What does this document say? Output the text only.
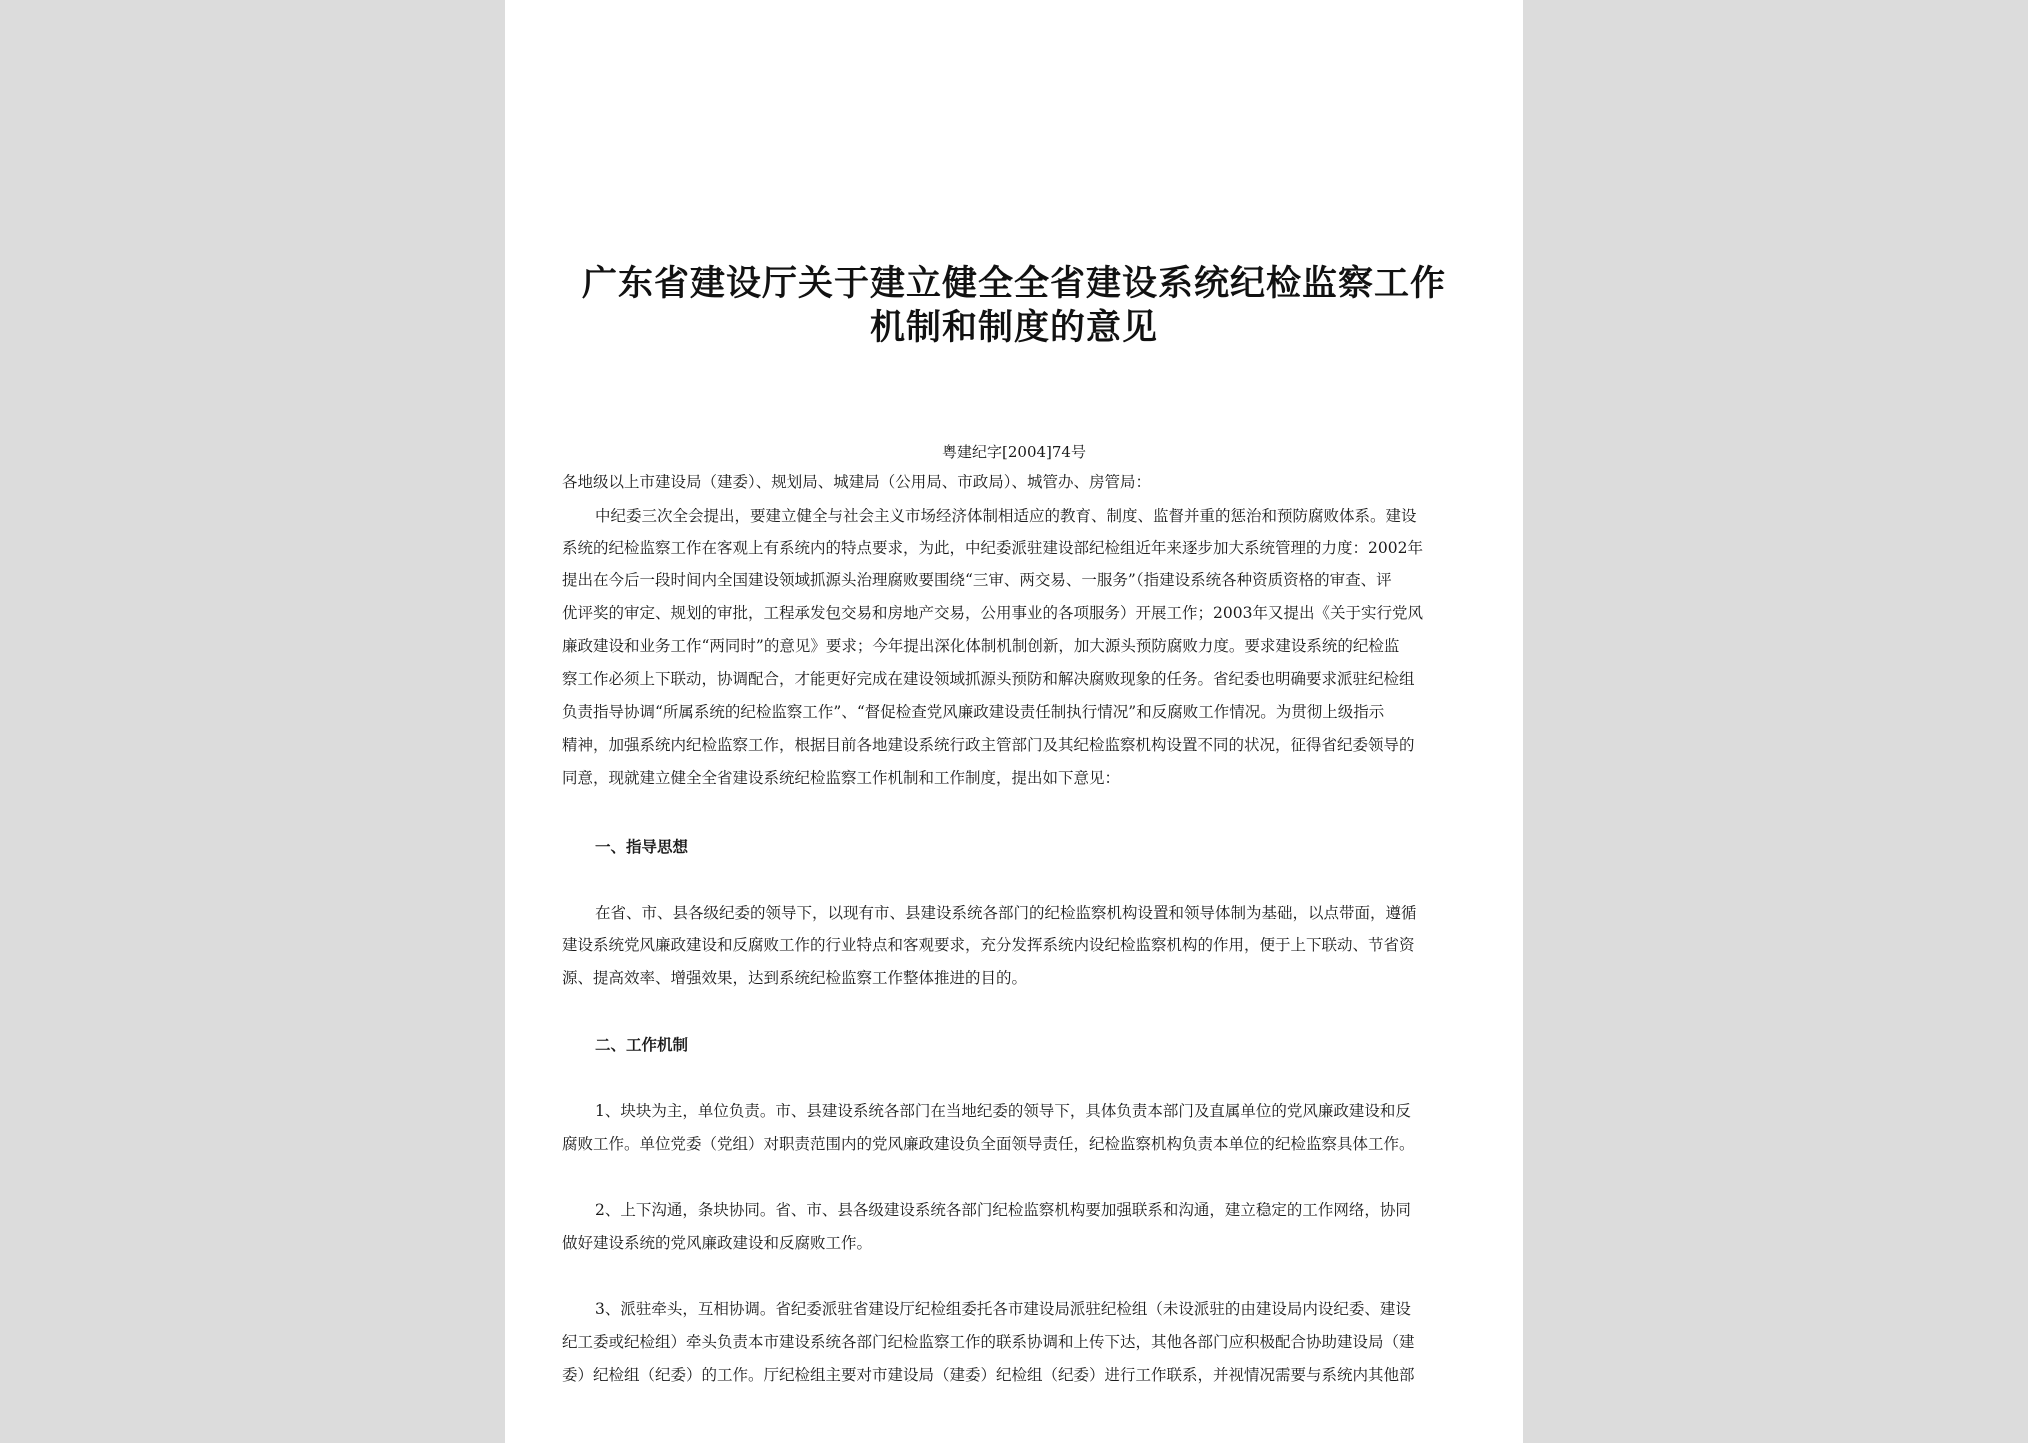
广东省建设厅关于建立健全全省建设系统纪检监察工作
机制和制度的意见
粤建纪字[2004]74号
各地级以上市建设局（建委）、规划局、城建局（公用局、市政局）、城管办、房管局：
中纪委三次全会提出，要建立健全与社会主义市场经济体制相适应的教育、制度、监督并重的惩治和预防腐败体系。建设
系统的纪检监察工作在客观上有系统内的特点要求，为此，中纪委派驻建设部纪检组近年来逐步加大系统管理的力度：2002年
提出在今后一段时间内全国建设领域抓源头治理腐败要围绕“三审、两交易、一服务”（指建设系统各种资质资格的审查、评
优评奖的审定、规划的审批，工程承发包交易和房地产交易，公用事业的各项服务）开展工作；2003年又提出《关于实行党风
廉政建设和业务工作“两同时”的意见》要求；今年提出深化体制机制创新，加大源头预防腐败力度。要求建设系统的纪检监
察工作必须上下联动，协调配合，才能更好完成在建设领域抓源头预防和解决腐败现象的任务。省纪委也明确要求派驻纪检组
负责指导协调“所属系统的纪检监察工作”、“督促检查党风廉政建设责任制执行情况”和反腐败工作情况。为贯彻上级指示
精神，加强系统内纪检监察工作，根据目前各地建设系统行政主管部门及其纪检监察机构设置不同的状况，征得省纪委领导的
同意，现就建立健全全省建设系统纪检监察工作机制和工作制度，提出如下意见：
一、指导思想
在省、市、县各级纪委的领导下，以现有市、县建设系统各部门的纪检监察机构设置和领导体制为基础，以点带面，遵循
建设系统党风廉政建设和反腐败工作的行业特点和客观要求，充分发挥系统内设纪检监察机构的作用，便于上下联动、节省资
源、提高效率、增强效果，达到系统纪检监察工作整体推进的目的。
二、工作机制
1、块块为主，单位负责。市、县建设系统各部门在当地纪委的领导下，具体负责本部门及直属单位的党风廉政建设和反
腐败工作。单位党委（党组）对职责范围内的党风廉政建设负全面领导责任，纪检监察机构负责本单位的纪检监察具体工作。
2、上下沟通，条块协同。省、市、县各级建设系统各部门纪检监察机构要加强联系和沟通，建立稳定的工作网络，协同
做好建设系统的党风廉政建设和反腐败工作。
3、派驻牵头，互相协调。省纪委派驻省建设厅纪检组委托各市建设局派驻纪检组（未设派驻的由建设局内设纪委、建设
纪工委或纪检组）牵头负责本市建设系统各部门纪检监察工作的联系协调和上传下达，其他各部门应积极配合协助建设局（建
委）纪检组（纪委）的工作。厅纪检组主要对市建设局（建委）纪检组（纪委）进行工作联系，并视情况需要与系统内其他部
